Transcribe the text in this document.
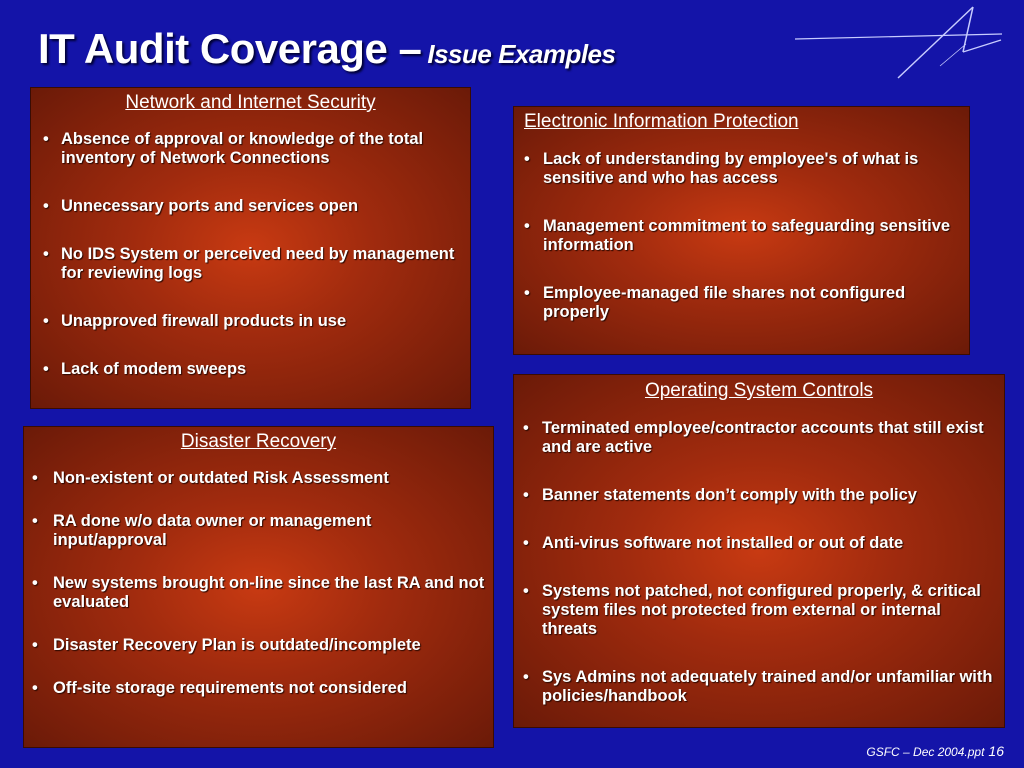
IT Audit Coverage – Issue Examples
Network and Internet Security
• Absence of approval or knowledge of the total inventory of Network Connections
• Unnecessary ports and services open
• No IDS System or perceived need by management for reviewing logs
• Unapproved firewall products in use
• Lack of modem sweeps
Electronic Information Protection
• Lack of understanding by employee's of what is sensitive and who has access
• Management commitment to safeguarding sensitive information
• Employee-managed file shares not configured properly
Disaster Recovery
• Non-existent or outdated Risk Assessment
• RA done w/o data owner or management input/approval
• New systems brought on-line since the last RA and not evaluated
• Disaster Recovery Plan is outdated/incomplete
• Off-site storage requirements not considered
Operating System Controls
• Terminated employee/contractor accounts that still exist and are active
• Banner statements don’t comply with the policy
• Anti-virus software not installed or out of date
• Systems not patched, not configured properly, & critical system files not protected from external or internal threats
• Sys Admins not adequately trained and/or unfamiliar with policies/handbook
GSFC – Dec 2004.ppt 16
